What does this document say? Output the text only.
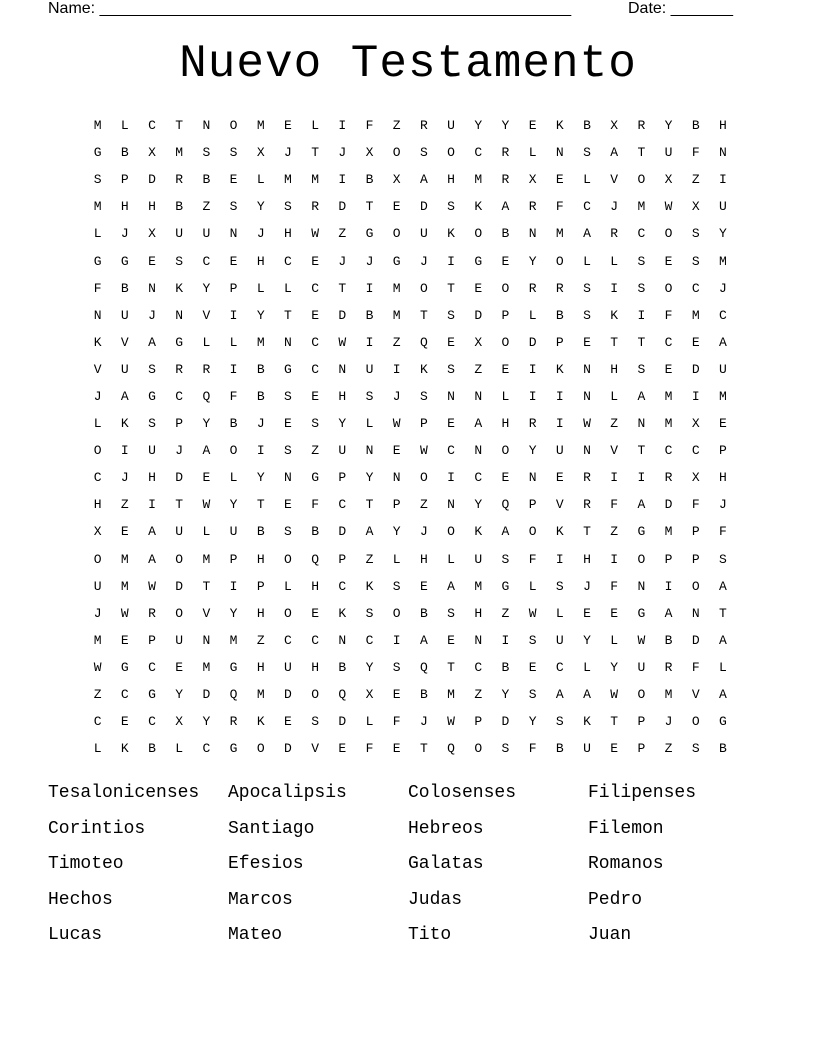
Name: _____________________________________________________

	Date: _______

Nuevo Testamento
M	L	C	T	N	O	M	E	L	I	F	Z	R	U	Y	Y	E	K	B	X	R	Y	B	H
G	B	X	M	S	S	X	J	T	J	X	O	S	O	C	R	L	N	S	A	T	U	F	N
S	P	D	R	B	E	L	M	M	I	B	X	A	H	M	R	X	E	L	V	O	X	Z	I
M	H	H	B	Z	S	Y	S	R	D	T	E	D	S	K	A	R	F	C	J	M	W	X	U
L	J	X	U	U	N	J	H	W	Z	G	O	U	K	O	B	N	M	A	R	C	O	S	Y
G	G	E	S	C	E	H	C	E	J	J	G	J	I	G	E	Y	O	L	L	S	E	S	M
F	B	N	K	Y	P	L	L	C	T	I	M	O	T	E	O	R	R	S	I	S	O	C	J
N	U	J	N	V	I	Y	T	E	D	B	M	T	S	D	P	L	B	S	K	I	F	M	C
K	V	A	G	L	L	M	N	C	W	I	Z	Q	E	X	O	D	P	E	T	T	C	E	A
V	U	S	R	R	I	B	G	C	N	U	I	K	S	Z	E	I	K	N	H	S	E	D	U
J	A	G	C	Q	F	B	S	E	H	S	J	S	N	N	L	I	I	N	L	A	M	I	M
L	K	S	P	Y	B	J	E	S	Y	L	W	P	E	A	H	R	I	W	Z	N	M	X	E
O	I	U	J	A	O	I	S	Z	U	N	E	W	C	N	O	Y	U	N	V	T	C	C	P
C	J	H	D	E	L	Y	N	G	P	Y	N	O	I	C	E	N	E	R	I	I	R	X	H
H	Z	I	T	W	Y	T	E	F	C	T	P	Z	N	Y	Q	P	V	R	F	A	D	F	J
X	E	A	U	L	U	B	S	B	D	A	Y	J	O	K	A	O	K	T	Z	G	M	P	F
O	M	A	O	M	P	H	O	Q	P	Z	L	H	L	U	S	F	I	H	I	O	P	P	S
U	M	W	D	T	I	P	L	H	C	K	S	E	A	M	G	L	S	J	F	N	I	O	A
J	W	R	O	V	Y	H	O	E	K	S	O	B	S	H	Z	W	L	E	E	G	A	N	T
M	E	P	U	N	M	Z	C	C	N	C	I	A	E	N	I	S	U	Y	L	W	B	D	A
W	G	C	E	M	G	H	U	H	B	Y	S	Q	T	C	B	E	C	L	Y	U	R	F	L
Z	C	G	Y	D	Q	M	D	O	Q	X	E	B	M	Z	Y	S	A	A	W	O	M	V	A
C	E	C	X	Y	R	K	E	S	D	L	F	J	W	P	D	Y	S	K	T	P	J	O	G
L	K	B	L	C	G	O	D	V	E	F	E	T	Q	O	S	F	B	U	E	P	Z	S	B
Tesalonicenses	Apocalipsis	Colosenses	Filipenses
Corintios	Santiago	Hebreos	Filemon
Timoteo	Efesios	Galatas	Romanos
Hechos	Marcos	Judas	Pedro
Lucas	Mateo	Tito	Juan
